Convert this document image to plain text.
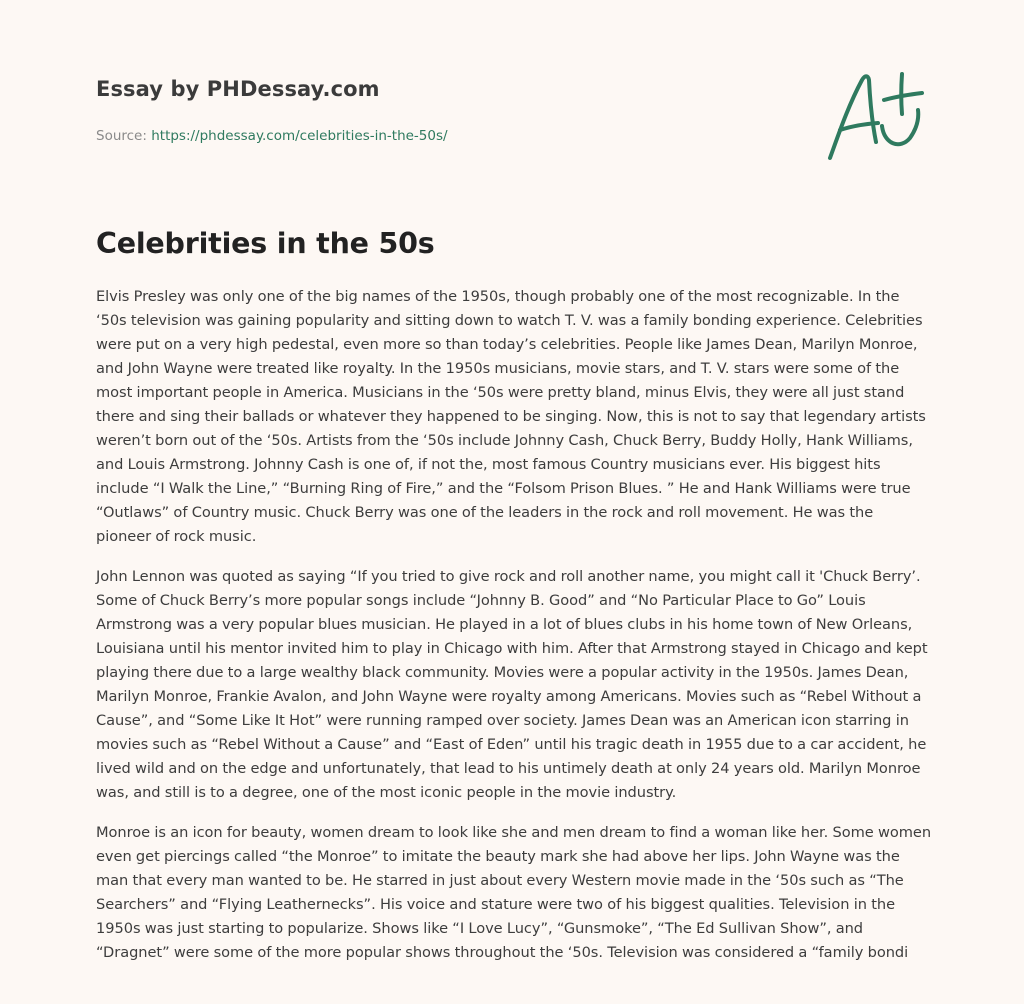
Essay by PHDessay.com
Source: https://phdessay.com/celebrities-in-the-50s/
Celebrities in the 50s

Elvis Presley was only one of the big names of the 1950s, though probably one of the most recognizable. In the ‘50s television was gaining popularity and sitting down to watch T. V. was a family bonding experience. Celebrities were put on a very high pedestal, even more so than today’s celebrities. People like James Dean, Marilyn Monroe, and John Wayne were treated like royalty. In the 1950s musicians, movie stars, and T. V. stars were some of the most important people in America. Musicians in the ‘50s were pretty bland, minus Elvis, they were all just stand there and sing their ballads or whatever they happened to be singing. Now, this is not to say that legendary artists weren’t born out of the ‘50s. Artists from the ‘50s include Johnny Cash, Chuck Berry, Buddy Holly, Hank Williams, and Louis Armstrong. Johnny Cash is one of, if not the, most famous Country musicians ever. His biggest hits include “I Walk the Line,” “Burning Ring of Fire,” and the “Folsom Prison Blues. ” He and Hank Williams were true “Outlaws” of Country music. Chuck Berry was one of the leaders in the rock and roll movement. He was the pioneer of rock music.

John Lennon was quoted as saying “If you tried to give rock and roll another name, you might call it 'Chuck Berry’. Some of Chuck Berry’s more popular songs include “Johnny B. Good” and “No Particular Place to Go” Louis Armstrong was a very popular blues musician. He played in a lot of blues clubs in his home town of New Orleans, Louisiana until his mentor invited him to play in Chicago with him. After that Armstrong stayed in Chicago and kept playing there due to a large wealthy black community. Movies were a popular activity in the 1950s. James Dean, Marilyn Monroe, Frankie Avalon, and John Wayne were royalty among Americans. Movies such as “Rebel Without a Cause”, and “Some Like It Hot” were running ramped over society. James Dean was an American icon starring in movies such as “Rebel Without a Cause” and “East of Eden” until his tragic death in 1955 due to a car accident, he lived wild and on the edge and unfortunately, that lead to his untimely death at only 24 years old. Marilyn Monroe was, and still is to a degree, one of the most iconic people in the movie industry.

Monroe is an icon for beauty, women dream to look like she and men dream to find a woman like her. Some women even get piercings called “the Monroe” to imitate the beauty mark she had above her lips. John Wayne was the man that every man wanted to be. He starred in just about every Western movie made in the ‘50s such as “The Searchers” and “Flying Leathernecks”. His voice and stature were two of his biggest qualities. Television in the 1950s was just starting to popularize. Shows like “I Love Lucy”, “Gunsmoke”, “The Ed Sullivan Show”, and “Dragnet” were some of the more popular shows throughout the ‘50s. Television was considered a “family bondi
